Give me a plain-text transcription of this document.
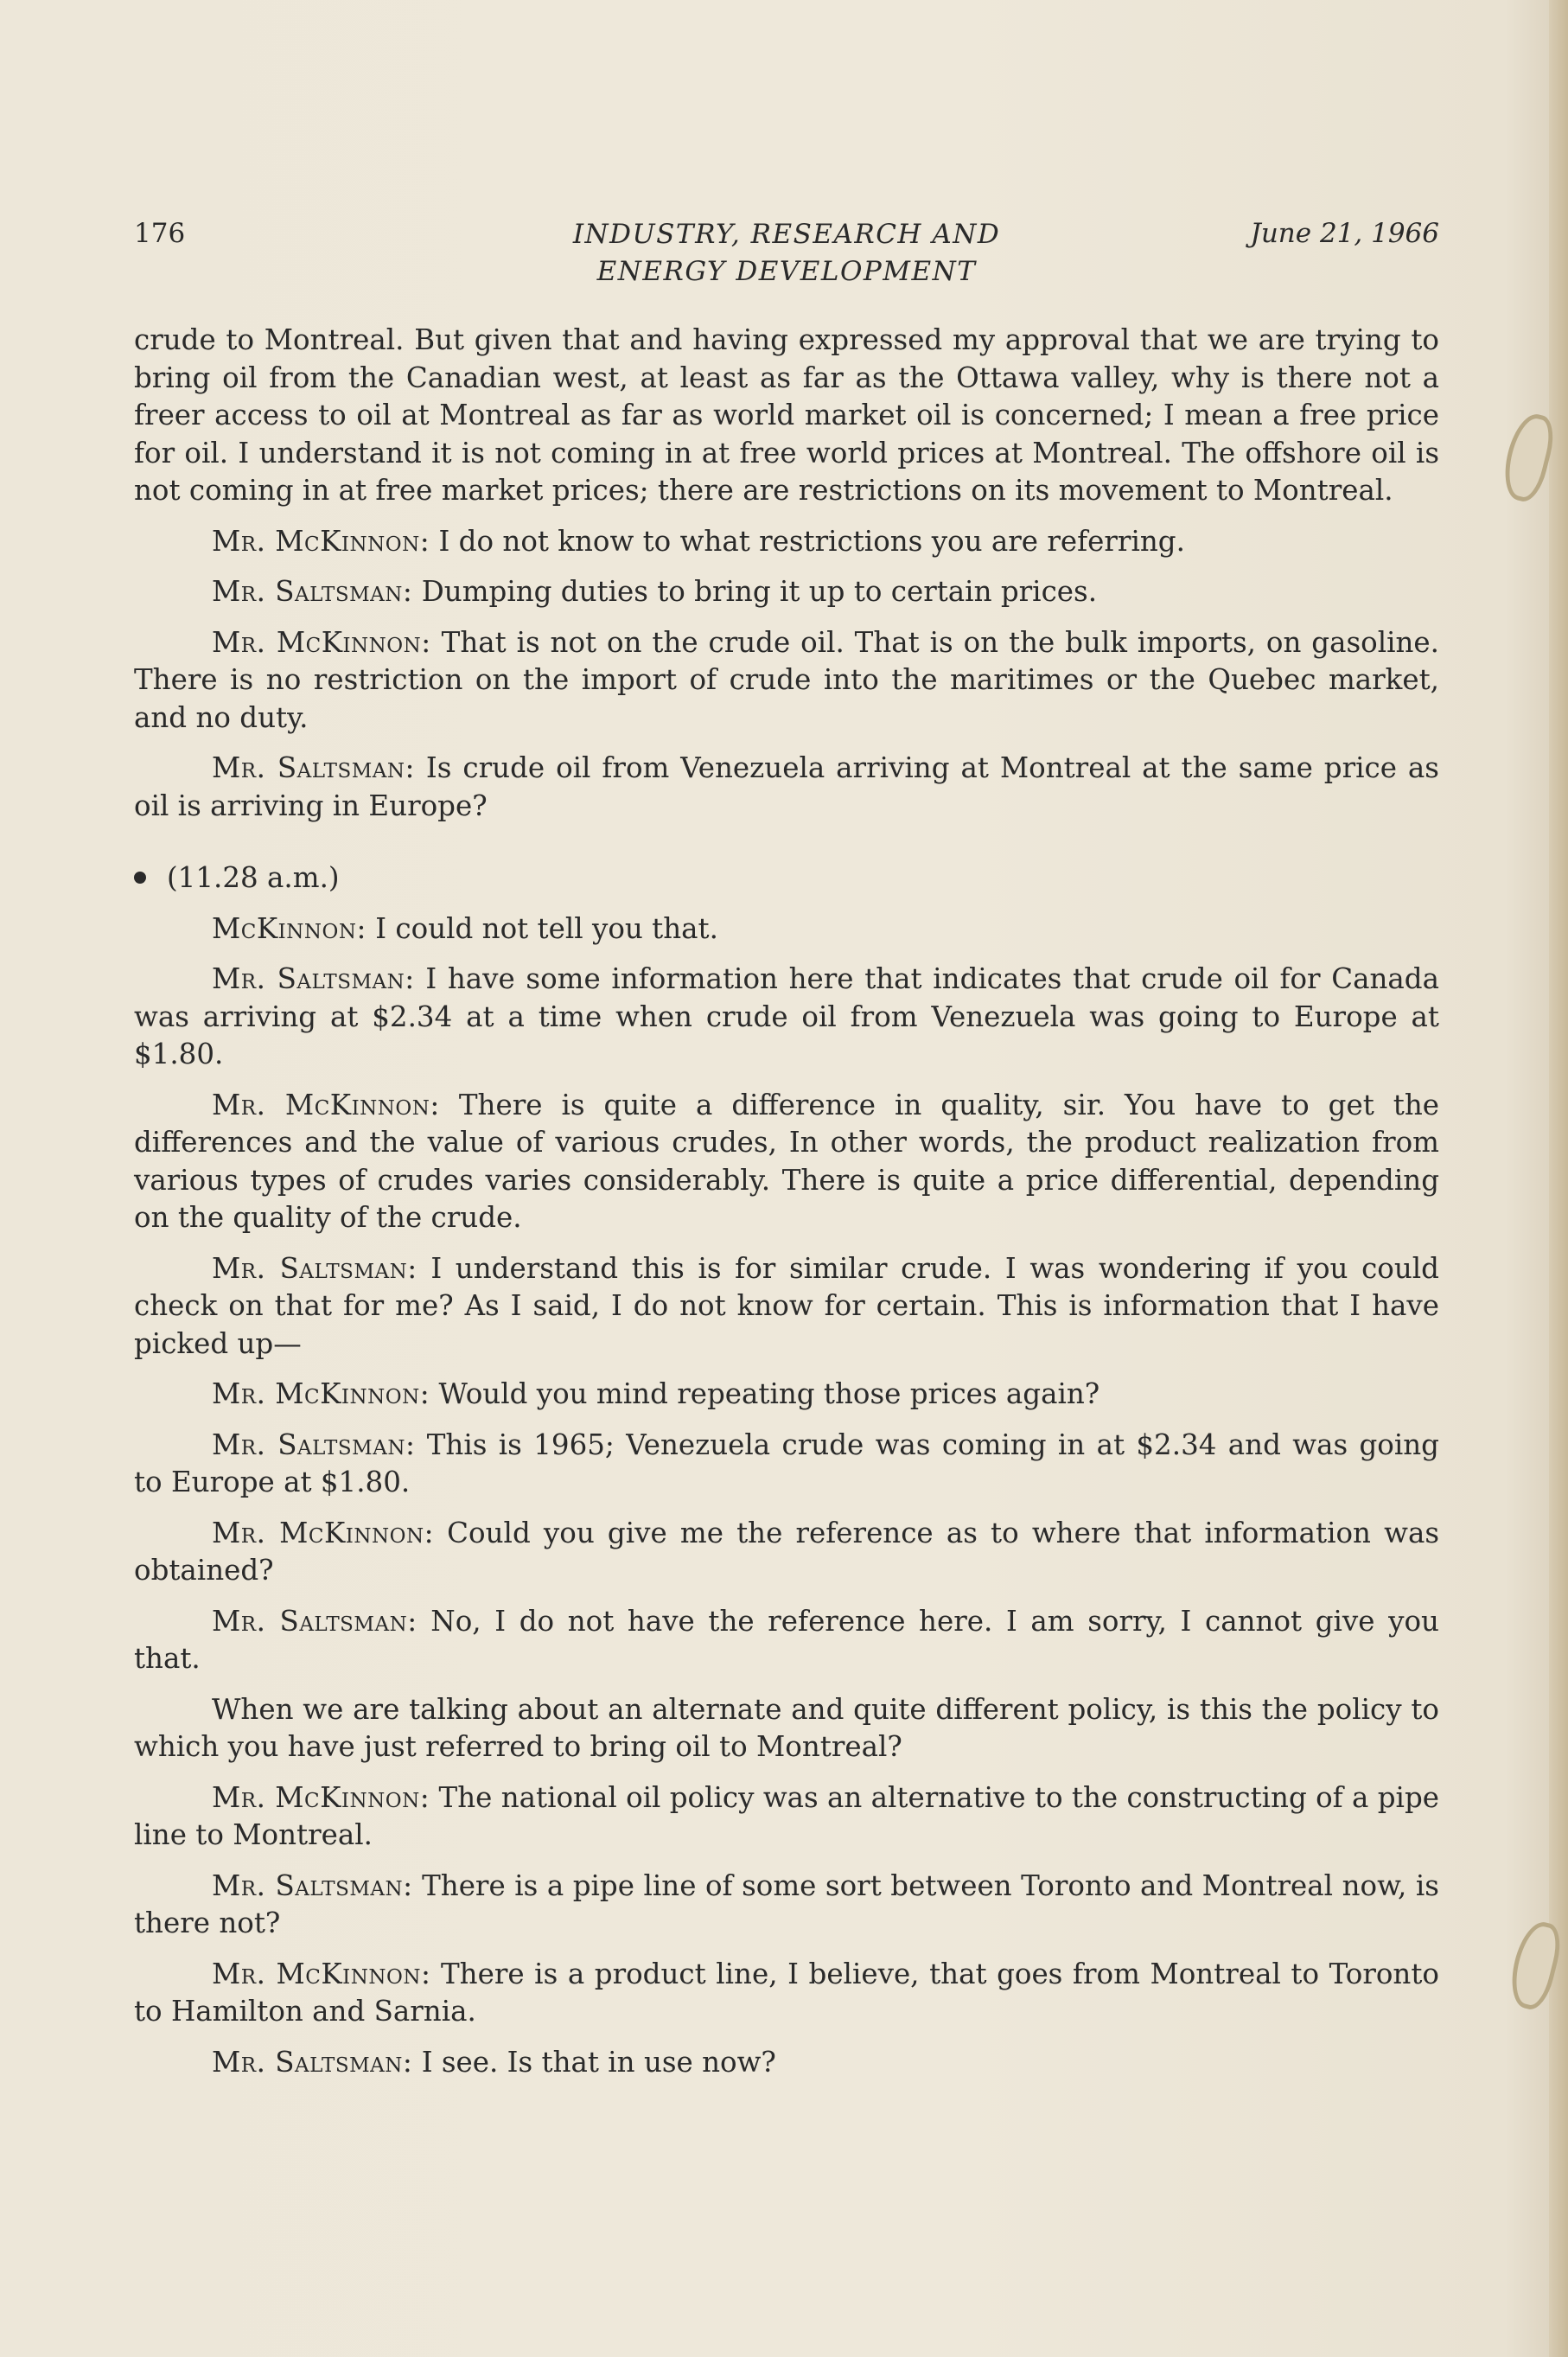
176	INDUSTRY, RESEARCH AND
ENERGY DEVELOPMENT
June 21, 1966

crude to Montreal. But given that and having expressed my approval that we are trying to bring oil from the Canadian west, at least as far as the Ottawa valley, why is there not a freer access to oil at Montreal as far as world market oil is concerned; I mean a free price for oil. I understand it is not coming in at free world prices at Montreal. The offshore oil is not coming in at free market prices; there are restrictions on its movement to Montreal.

Mr. McKinnon: I do not know to what restrictions you are referring.

Mr. Saltsman: Dumping duties to bring it up to certain prices.

Mr. McKinnon: That is not on the crude oil. That is on the bulk imports, on gasoline. There is no restriction on the import of crude into the maritimes or the Quebec market, and no duty.

Mr. Saltsman: Is crude oil from Venezuela arriving at Montreal at the same price as oil is arriving in Europe?

(11.28 a.m.)

McKinnon: I could not tell you that.

Mr. Saltsman: I have some information here that indicates that crude oil for Canada was arriving at $2.34 at a time when crude oil from Venezuela was going to Europe at $1.80.

Mr. McKinnon: There is quite a difference in quality, sir. You have to get the differences and the value of various crudes, In other words, the product realization from various types of crudes varies considerably. There is quite a price differential, depending on the quality of the crude.

Mr. Saltsman: I understand this is for similar crude. I was wondering if you could check on that for me? As I said, I do not know for certain. This is information that I have picked up—

Mr. McKinnon: Would you mind repeating those prices again?

Mr. Saltsman: This is 1965; Venezuela crude was coming in at $2.34 and was going to Europe at $1.80.

Mr. McKinnon: Could you give me the reference as to where that information was obtained?

Mr. Saltsman: No, I do not have the reference here. I am sorry, I cannot give you that.

When we are talking about an alternate and quite different policy, is this the policy to which you have just referred to bring oil to Montreal?

Mr. McKinnon: The national oil policy was an alternative to the constructing of a pipe line to Montreal.

Mr. Saltsman: There is a pipe line of some sort between Toronto and Montreal now, is there not?

Mr. McKinnon: There is a product line, I believe, that goes from Montreal to Toronto to Hamilton and Sarnia.

Mr. Saltsman: I see. Is that in use now?
